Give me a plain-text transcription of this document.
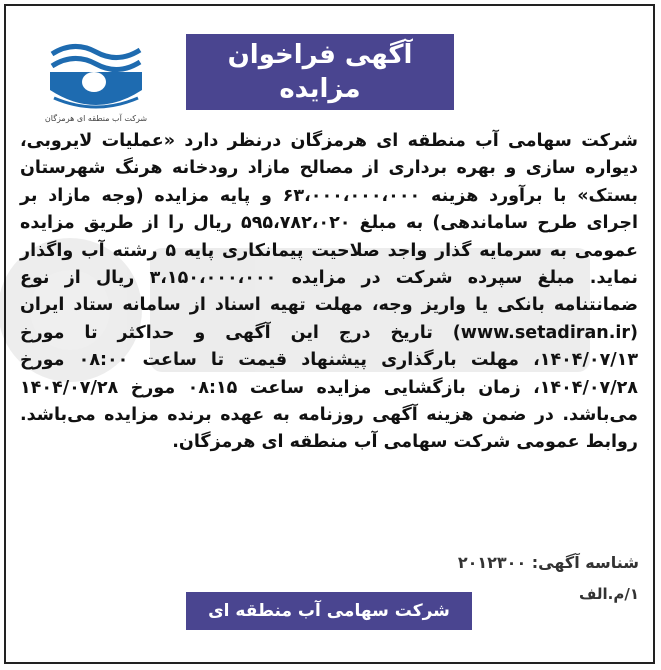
شرکت آب منطقه ای هرمزگان
آگهی فراخوان مزایده
(نوبت دوم)

شرکت سهامی آب منطقه ای هرمزگان درنظر دارد «عملیات لایروبی، دیواره سازی و بهره برداری از مصالح مازاد رودخانه هرنگ شهرستان بستک» با برآورد هزینه ۶۳،۰۰۰،۰۰۰،۰۰۰ و پایه مزایده (وجه مازاد بر اجرای طرح ساماندهی) به مبلغ ۵۹۵،۷۸۲،۰۲۰ ریال را از طریق مزایده عمومی به سرمایه گذار واجد صلاحیت پیمانکاری پایه ۵ رشته آب واگذار نماید. مبلغ سپرده شرکت در مزایده ۳،۱۵۰،۰۰۰،۰۰۰ ریال از نوع ضمانتنامه بانکی یا واریز وجه، مهلت تهیه اسناد از سامانه ستاد ایران (www.setadiran.ir) تاریخ درج این آگهی و حداکثر تا مورخ ۱۴۰۴/۰۷/۱۳، مهلت بارگذاری پیشنهاد قیمت تا ساعت ۰۸:۰۰ مورخ ۱۴۰۴/۰۷/۲۸، زمان بازگشایی مزایده ساعت ۰۸:۱۵ مورخ ۱۴۰۴/۰۷/۲۸ می‌باشد. در ضمن هزینه آگهی روزنامه به عهده برنده مزایده می‌باشد. روابط عمومی شرکت سهامی آب منطقه ای هرمزگان.

شناسه آگهی: ۲۰۱۲۳۰۰
۱/م.الف
شرکت سهامی آب منطقه ای هرمزگان
